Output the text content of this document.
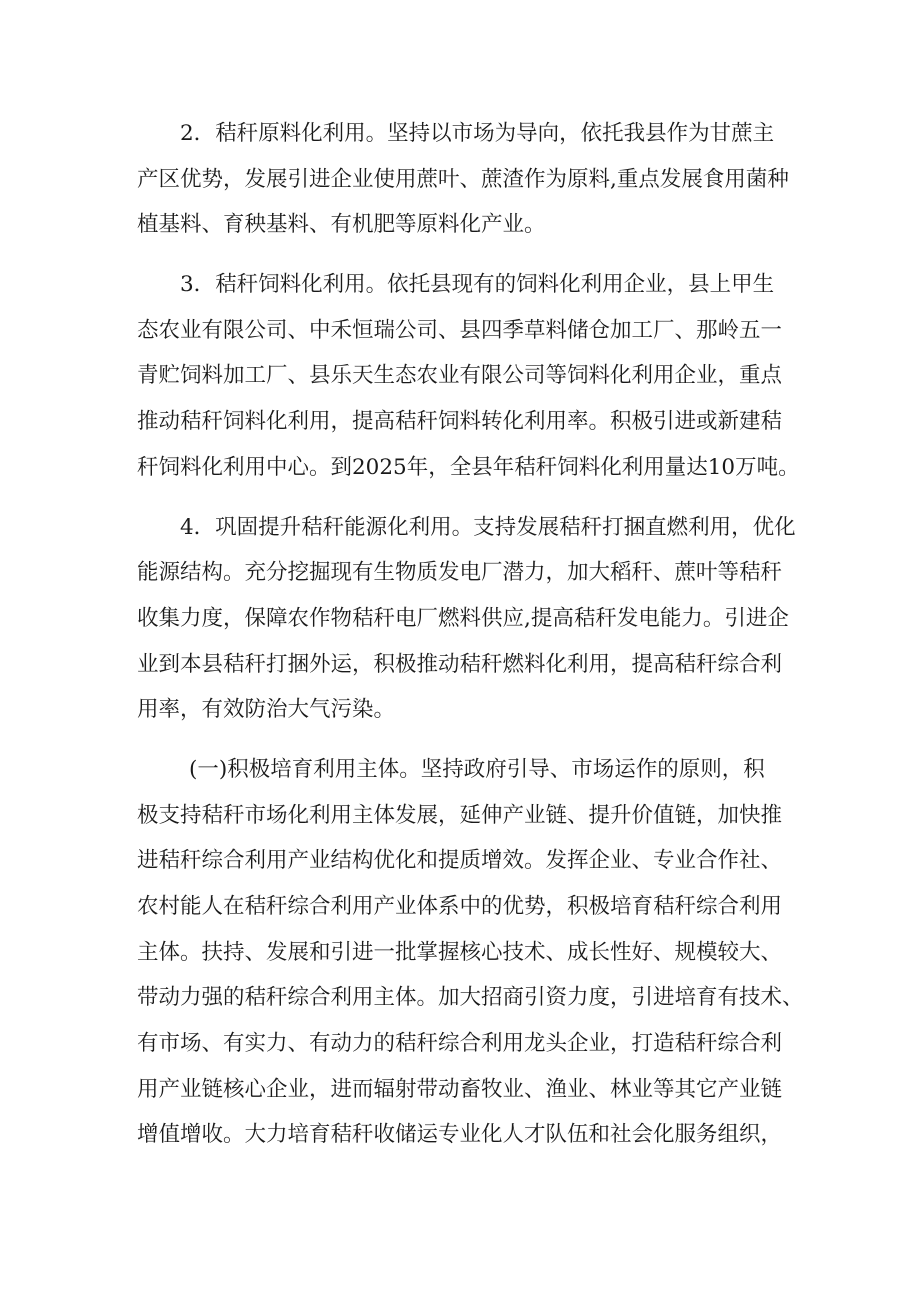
2．秸秆原料化利用。坚持以市场为导向，依托我县作为甘蔗主
产区优势，发展引进企业使用蔗叶、蔗渣作为原料,重点发展食用菌种
植基料、育秧基料、有机肥等原料化产业。
3．秸秆饲料化利用。依托县现有的饲料化利用企业，县上甲生
态农业有限公司、中禾恒瑞公司、县四季草料储仓加工厂、那岭五一
青贮饲料加工厂、县乐天生态农业有限公司等饲料化利用企业，重点
推动秸秆饲料化利用，提高秸秆饲料转化利用率。积极引进或新建秸
秆饲料化利用中心。到2025年，全县年秸秆饲料化利用量达10万吨。
4．巩固提升秸秆能源化利用。支持发展秸秆打捆直燃利用，优化
能源结构。充分挖掘现有生物质发电厂潜力，加大稻秆、蔗叶等秸秆
收集力度，保障农作物秸秆电厂燃料供应,提高秸秆发电能力。引进企
业到本县秸秆打捆外运，积极推动秸秆燃料化利用，提高秸秆综合利
用率，有效防治大气污染。
(一)积极培育利用主体。坚持政府引导、市场运作的原则，积
极支持秸秆市场化利用主体发展，延伸产业链、提升价值链，加快推
进秸秆综合利用产业结构优化和提质增效。发挥企业、专业合作社、
农村能人在秸秆综合利用产业体系中的优势，积极培育秸秆综合利用
主体。扶持、发展和引进一批掌握核心技术、成长性好、规模较大、
带动力强的秸秆综合利用主体。加大招商引资力度，引进培育有技术、
有市场、有实力、有动力的秸秆综合利用龙头企业，打造秸秆综合利
用产业链核心企业，进而辐射带动畜牧业、渔业、林业等其它产业链
增值增收。大力培育秸秆收储运专业化人才队伍和社会化服务组织，
